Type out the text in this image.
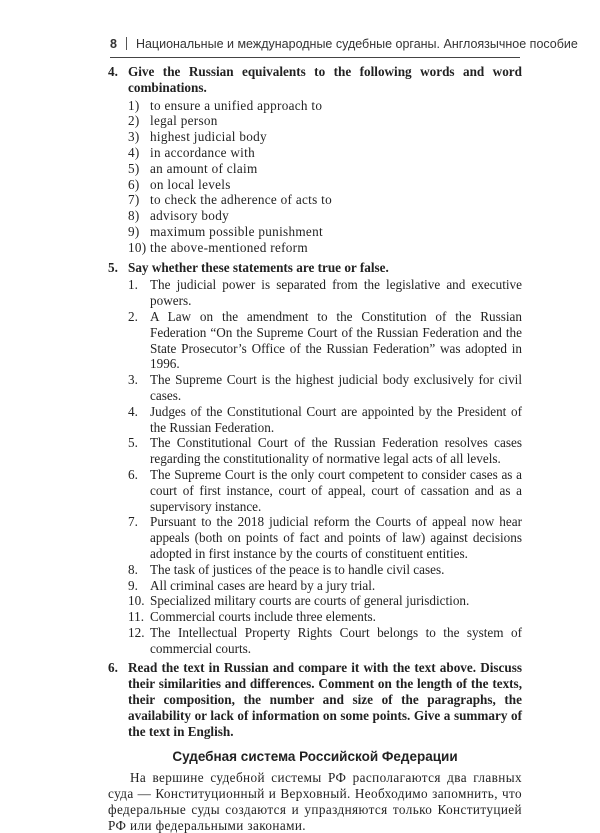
8 Национальные и международные судебные органы. Англоязычное пособие
4. Give the Russian equivalents to the following words and word combinations.
1) to ensure a unified approach to
2) legal person
3) highest judicial body
4) in accordance with
5) an amount of claim
6) on local levels
7) to check the adherence of acts to
8) advisory body
9) maximum possible punishment
10) the above-mentioned reform
5. Say whether these statements are true or false.
1. The judicial power is separated from the legislative and executive powers.
2. A Law on the amendment to the Constitution of the Russian Federation “On the Supreme Court of the Russian Federation and the State Prosecutor’s Office of the Russian Federation” was adopted in 1996.
3. The Supreme Court is the highest judicial body exclusively for civil cases.
4. Judges of the Constitutional Court are appointed by the President of the Russian Federation.
5. The Constitutional Court of the Russian Federation resolves cases regarding the constitutionality of normative legal acts of all levels.
6. The Supreme Court is the only court competent to consider cases as a court of first instance, court of appeal, court of cassation and as a supervisory instance.
7. Pursuant to the 2018 judicial reform the Courts of appeal now hear appeals (both on points of fact and points of law) against decisions adopted in first instance by the courts of constituent entities.
8. The task of justices of the peace is to handle civil cases.
9. All criminal cases are heard by a jury trial.
10. Specialized military courts are courts of general jurisdiction.
11. Commercial courts include three elements.
12. The Intellectual Property Rights Court belongs to the system of commercial courts.
6. Read the text in Russian and compare it with the text above. Discuss their similarities and differences. Comment on the length of the texts, their composition, the number and size of the paragraphs, the availability or lack of information on some points. Give a summary of the text in English.
Судебная система Российской Федерации
На вершине судебной системы РФ располагаются два главных суда — Конституционный и Верховный. Необходимо запомнить, что федеральные суды создаются и упраздняются только Конституцией РФ или федеральными законами.
